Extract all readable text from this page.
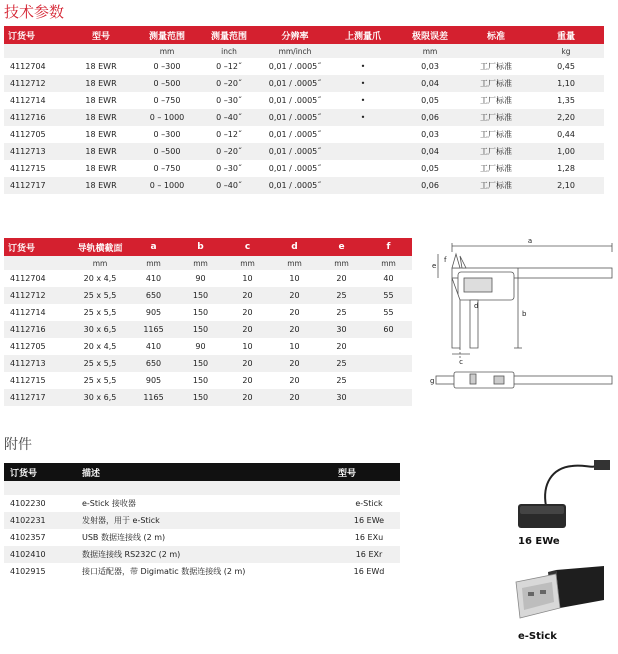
技术参数
订货号	型号	测量范围	测量范围	分辨率	上测量爪	极限误差	标准	重量
		mm	inch	mm/inch		mm		kg
4112704	18 EWR	0 –300	0 –12˝	0,01 / .0005˝	•	0,03	工厂标准	0,45
4112712	18 EWR	0 –500	0 –20˝	0,01 / .0005˝	•	0,04	工厂标准	1,10
4112714	18 EWR	0 –750	0 –30˝	0,01 / .0005˝	•	0,05	工厂标准	1,35
4112716	18 EWR	0 – 1000	0 –40˝	0,01 / .0005˝	•	0,06	工厂标准	2,20
4112705	18 EWR	0 –300	0 –12˝	0,01 / .0005˝		0,03	工厂标准	0,44
4112713	18 EWR	0 –500	0 –20˝	0,01 / .0005˝		0,04	工厂标准	1,00
4112715	18 EWR	0 –750	0 –30˝	0,01 / .0005˝		0,05	工厂标准	1,28
4112717	18 EWR	0 – 1000	0 –40˝	0,01 / .0005˝		0,06	工厂标准	2,10
订货号	导轨横截面	a	b	c	d	e	f
	mm	mm	mm	mm	mm	mm	mm
4112704	20 x 4,5	410	90	10	10	20	40
4112712	25 x 5,5	650	150	20	20	25	55
4112714	25 x 5,5	905	150	20	20	25	55
4112716	30 x 6,5	1165	150	20	20	30	60
4112705	20 x 4,5	410	90	10	10	20	
4112713	25 x 5,5	650	150	20	20	25	
4112715	25 x 5,5	905	150	20	20	25	
4112717	30 x 6,5	1165	150	20	20	30	
a
b
c
d
e
f
g
附件
订货号	描述	型号

4102230	e-Stick 接收器	e-Stick
4102231	发射器，用于 e-Stick	16 EWe
4102357	USB 数据连接线 (2 m)	16 EXu
4102410	数据连接线 RS232C (2 m)	16 EXr
4102915	接口适配器，带 Digimatic 数据连接线 (2 m)	16 EWd
16 EWe
e-Stick
